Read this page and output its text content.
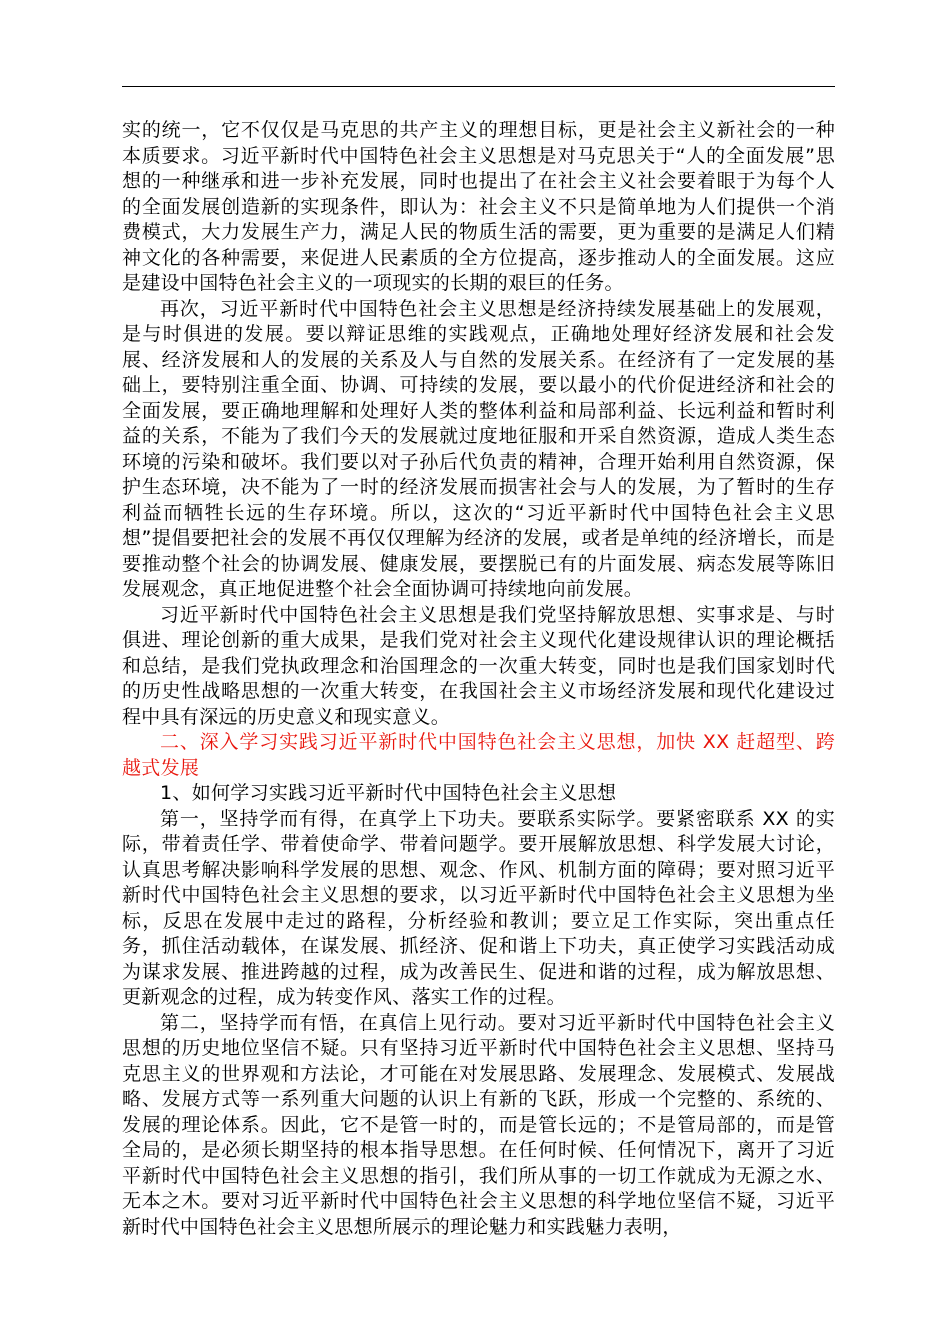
实的统一，它不仅仅是马克思的共产主义的理想目标，更是社会主义新社会的一种本质要求。习近平新时代中国特色社会主义思想是对马克思关于“人的全面发展”思想的一种继承和进一步补充发展，同时也提出了在社会主义社会要着眼于为每个人的全面发展创造新的实现条件，即认为：社会主义不只是简单地为人们提供一个消费模式，大力发展生产力，满足人民的物质生活的需要，更为重要的是满足人们精神文化的各种需要，来促进人民素质的全方位提高，逐步推动人的全面发展。这应是建设中国特色社会主义的一项现实的长期的艰巨的任务。

再次，习近平新时代中国特色社会主义思想是经济持续发展基础上的发展观，是与时俱进的发展。要以辩证思维的实践观点，正确地处理好经济发展和社会发展、经济发展和人的发展的关系及人与自然的发展关系。在经济有了一定发展的基础上，要特别注重全面、协调、可持续的发展，要以最小的代价促进经济和社会的全面发展，要正确地理解和处理好人类的整体利益和局部利益、长远利益和暂时利益的关系，不能为了我们今天的发展就过度地征服和开采自然资源，造成人类生态环境的污染和破坏。我们要以对子孙后代负责的精神，合理开始利用自然资源，保护生态环境，决不能为了一时的经济发展而损害社会与人的发展，为了暂时的生存利益而牺牲长远的生存环境。所以，这次的“习近平新时代中国特色社会主义思想”提倡要把社会的发展不再仅仅理解为经济的发展，或者是单纯的经济增长，而是要推动整个社会的协调发展、健康发展，要摆脱已有的片面发展、病态发展等陈旧发展观念，真正地促进整个社会全面协调可持续地向前发展。

习近平新时代中国特色社会主义思想是我们党坚持解放思想、实事求是、与时俱进、理论创新的重大成果，是我们党对社会主义现代化建设规律认识的理论概括和总结，是我们党执政理念和治国理念的一次重大转变，同时也是我们国家划时代的历史性战略思想的一次重大转变，在我国社会主义市场经济发展和现代化建设过程中具有深远的历史意义和现实意义。

二、深入学习实践习近平新时代中国特色社会主义思想，加快 XX 赶超型、跨越式发展

1、如何学习实践习近平新时代中国特色社会主义思想

第一，坚持学而有得，在真学上下功夫。要联系实际学。要紧密联系 XX 的实际，带着责任学、带着使命学、带着问题学。要开展解放思想、科学发展大讨论，认真思考解决影响科学发展的思想、观念、作风、机制方面的障碍；要对照习近平新时代中国特色社会主义思想的要求，以习近平新时代中国特色社会主义思想为坐标，反思在发展中走过的路程，分析经验和教训；要立足工作实际，突出重点任务，抓住活动载体，在谋发展、抓经济、促和谐上下功夫，真正使学习实践活动成为谋求发展、推进跨越的过程，成为改善民生、促进和谐的过程，成为解放思想、更新观念的过程，成为转变作风、落实工作的过程。

第二，坚持学而有悟，在真信上见行动。要对习近平新时代中国特色社会主义思想的历史地位坚信不疑。只有坚持习近平新时代中国特色社会主义思想、坚持马克思主义的世界观和方法论，才可能在对发展思路、发展理念、发展模式、发展战略、发展方式等一系列重大问题的认识上有新的飞跃，形成一个完整的、系统的、发展的理论体系。因此，它不是管一时的，而是管长远的；不是管局部的，而是管全局的，是必须长期坚持的根本指导思想。在任何时候、任何情况下，离开了习近平新时代中国特色社会主义思想的指引，我们所从事的一切工作就成为无源之水、无本之木。要对习近平新时代中国特色社会主义思想的科学地位坚信不疑，习近平新时代中国特色社会主义思想所展示的理论魅力和实践魅力表明，
